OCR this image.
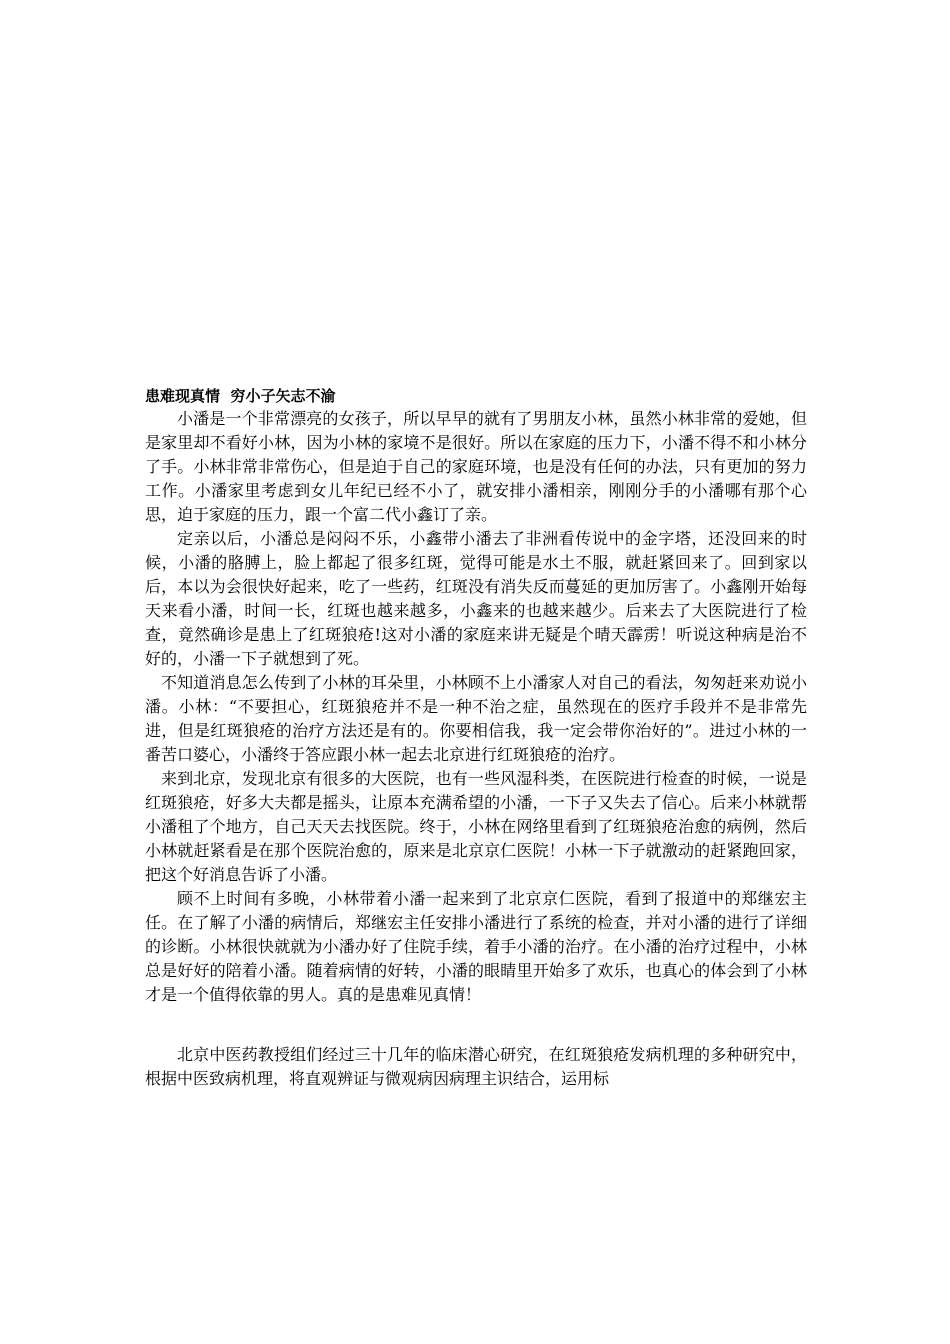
患难现真情  穷小子矢志不渝

小潘是一个非常漂亮的女孩子，所以早早的就有了男朋友小林，虽然小林非常的爱她，但是家里却不看好小林，因为小林的家境不是很好。所以在家庭的压力下，小潘不得不和小林分了手。小林非常非常伤心，但是迫于自己的家庭环境，也是没有任何的办法，只有更加的努力工作。小潘家里考虑到女儿年纪已经不小了，就安排小潘相亲，刚刚分手的小潘哪有那个心思，迫于家庭的压力，跟一个富二代小鑫订了亲。

定亲以后，小潘总是闷闷不乐，小鑫带小潘去了非洲看传说中的金字塔，还没回来的时候，小潘的胳膊上，脸上都起了很多红斑，觉得可能是水土不服，就赶紧回来了。回到家以后，本以为会很快好起来，吃了一些药，红斑没有消失反而蔓延的更加厉害了。小鑫刚开始每天来看小潘，时间一长，红斑也越来越多，小鑫来的也越来越少。后来去了大医院进行了检查，竟然确诊是患上了红斑狼疮!这对小潘的家庭来讲无疑是个晴天霹雳！听说这种病是治不好的，小潘一下子就想到了死。

不知道消息怎么传到了小林的耳朵里，小林顾不上小潘家人对自己的看法，匆匆赶来劝说小潘。小林：“不要担心，红斑狼疮并不是一种不治之症，虽然现在的医疗手段并不是非常先进，但是红斑狼疮的治疗方法还是有的。你要相信我，我一定会带你治好的”。进过小林的一番苦口婆心，小潘终于答应跟小林一起去北京进行红斑狼疮的治疗。

来到北京，发现北京有很多的大医院，也有一些风湿科类，在医院进行检查的时候，一说是红斑狼疮，好多大夫都是摇头，让原本充满希望的小潘，一下子又失去了信心。后来小林就帮小潘租了个地方，自己天天去找医院。终于，小林在网络里看到了红斑狼疮治愈的病例，然后小林就赶紧看是在那个医院治愈的，原来是北京京仁医院！小林一下子就激动的赶紧跑回家，把这个好消息告诉了小潘。

顾不上时间有多晚，小林带着小潘一起来到了北京京仁医院，看到了报道中的郑继宏主任。在了解了小潘的病情后，郑继宏主任安排小潘进行了系统的检查，并对小潘的进行了详细的诊断。小林很快就就为小潘办好了住院手续，着手小潘的治疗。在小潘的治疗过程中，小林总是好好的陪着小潘。随着病情的好转，小潘的眼睛里开始多了欢乐，也真心的体会到了小林才是一个值得依靠的男人。真的是患难见真情！

北京中医药教授组们经过三十几年的临床潜心研究，在红斑狼疮发病机理的多种研究中，根据中医致病机理，将直观辨证与微观病因病理主识结合，运用标
